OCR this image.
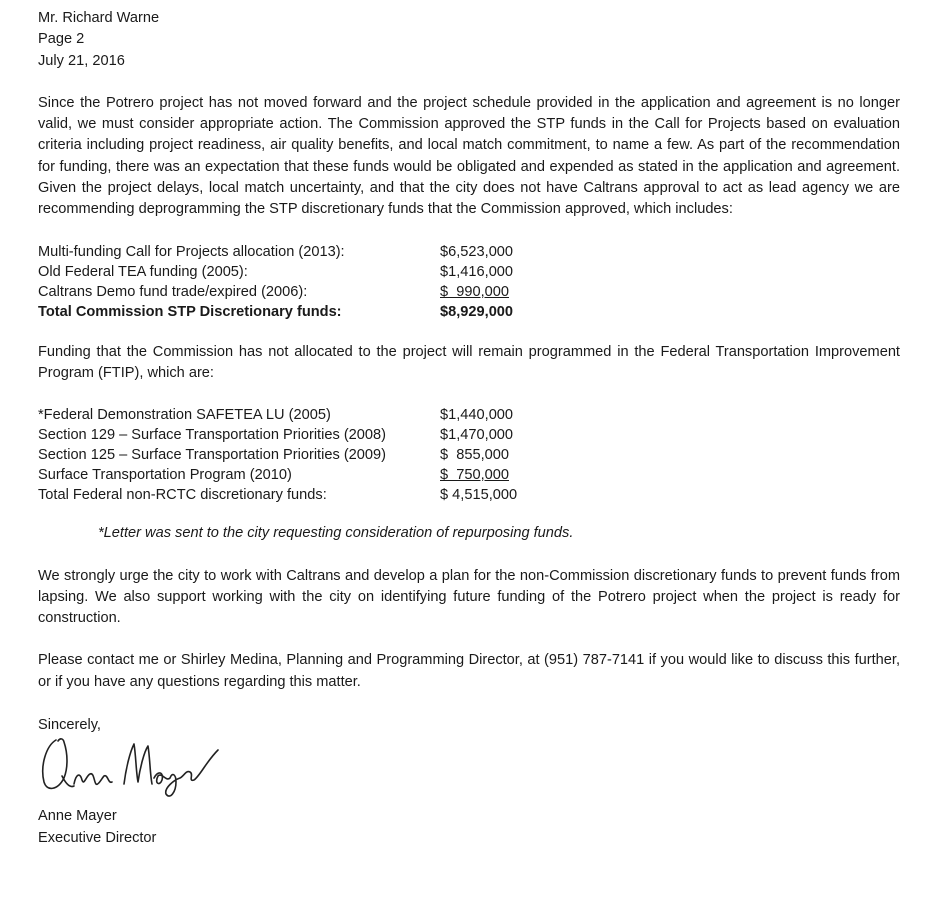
Mr. Richard Warne
Page 2
July 21, 2016

Since the Potrero project has not moved forward and the project schedule provided in the application and agreement is no longer valid, we must consider appropriate action. The Commission approved the STP funds in the Call for Projects based on evaluation criteria including project readiness, air quality benefits, and local match commitment, to name a few. As part of the recommendation for funding, there was an expectation that these funds would be obligated and expended as stated in the application and agreement. Given the project delays, local match uncertainty, and that the city does not have Caltrans approval to act as lead agency we are recommending deprogramming the STP discretionary funds that the Commission approved, which includes:

Multi-funding Call for Projects allocation (2013):	$6,523,000
Old Federal TEA funding (2005):	$1,416,000
Caltrans Demo fund trade/expired (2006):	$  990,000
Total Commission STP Discretionary funds:	$8,929,000

Funding that the Commission has not allocated to the project will remain programmed in the Federal Transportation Improvement Program (FTIP), which are:

*Federal Demonstration SAFETEA LU (2005)	$1,440,000
Section 129 – Surface Transportation Priorities (2008)	$1,470,000
Section 125 – Surface Transportation Priorities (2009)	$  855,000
Surface Transportation Program (2010)	$  750,000
Total Federal non-RCTC discretionary funds:	$ 4,515,000

*Letter was sent to the city requesting consideration of repurposing funds.

We strongly urge the city to work with Caltrans and develop a plan for the non-Commission discretionary funds to prevent funds from lapsing. We also support working with the city on identifying future funding of the Potrero project when the project is ready for construction.

Please contact me or Shirley Medina, Planning and Programming Director, at (951) 787-7141 if you would like to discuss this further, or if you have any questions regarding this matter.

Sincerely,
Anne Mayer
Executive Director
